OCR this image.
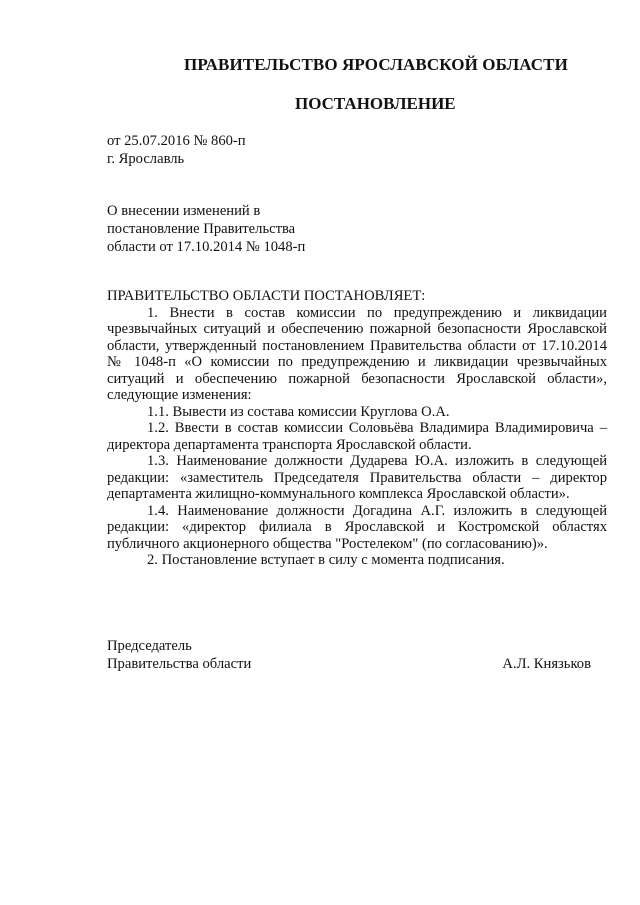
ПРАВИТЕЛЬСТВО ЯРОСЛАВСКОЙ ОБЛАСТИ
ПОСТАНОВЛЕНИЕ
от 25.07.2016 № 860-п
г. Ярославль
О внесении изменений в
постановление Правительства
области от 17.10.2014 № 1048-п

ПРАВИТЕЛЬСТВО ОБЛАСТИ ПОСТАНОВЛЯЕТ:

1. Внести в состав комиссии по предупреждению и ликвидации чрезвычайных ситуаций и обеспечению пожарной безопасности Ярославской области, утвержденный постановлением Правительства области от 17.10.2014 № 1048-п «О комиссии по предупреждению и ликвидации чрезвычайных ситуаций и обеспечению пожарной безопасности Ярославской области», следующие изменения:

1.1. Вывести из состава комиссии Круглова О.А.

1.2. Ввести в состав комиссии Соловьёва Владимира Владимировича – директора департамента транспорта Ярославской области.

1.3. Наименование должности Дударева Ю.А. изложить в следующей редакции: «заместитель Председателя Правительства области – директор департамента жилищно-коммунального комплекса Ярославской области».

1.4. Наименование должности Догадина А.Г. изложить в следующей редакции: «директор филиала в Ярославской и Костромской областях публичного акционерного общества "Ростелеком" (по согласованию)».

2. Постановление вступает в силу с момента подписания.

Председатель
Правительства области	А.Л. Князьков
